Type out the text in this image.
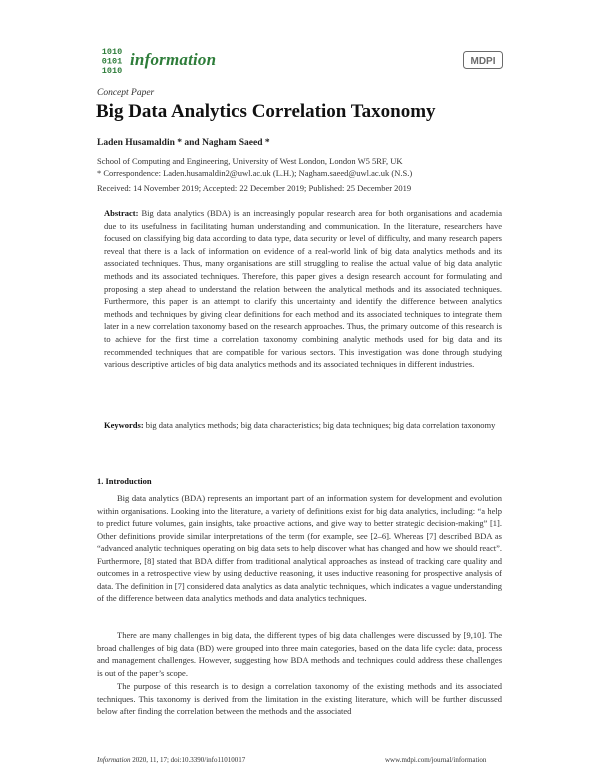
1010
0101
1010
information	MDPI
Concept Paper
Big Data Analytics Correlation Taxonomy
Laden Husamaldin * and Nagham Saeed *
School of Computing and Engineering, University of West London, London W5 5RF, UK
* Correspondence: Laden.husamaldin2@uwl.ac.uk (L.H.); Nagham.saeed@uwl.ac.uk (N.S.)
Received: 14 November 2019; Accepted: 22 December 2019; Published: 25 December 2019
Abstract: Big data analytics (BDA) is an increasingly popular research area for both organisations and academia due to its usefulness in facilitating human understanding and communication. In the literature, researchers have focused on classifying big data according to data type, data security or level of difficulty, and many research papers reveal that there is a lack of information on evidence of a real-world link of big data analytics methods and its associated techniques. Thus, many organisations are still struggling to realise the actual value of big data analytic methods and its associated techniques. Therefore, this paper gives a design research account for formulating and proposing a step ahead to understand the relation between the analytical methods and its associated techniques. Furthermore, this paper is an attempt to clarify this uncertainty and identify the difference between analytics methods and techniques by giving clear definitions for each method and its associated techniques to integrate them later in a new correlation taxonomy based on the research approaches. Thus, the primary outcome of this research is to achieve for the first time a correlation taxonomy combining analytic methods used for big data and its recommended techniques that are compatible for various sectors. This investigation was done through studying various descriptive articles of big data analytics methods and its associated techniques in different industries.
Keywords: big data analytics methods; big data characteristics; big data techniques; big data correlation taxonomy
1. Introduction
Big data analytics (BDA) represents an important part of an information system for development and evolution within organisations. Looking into the literature, a variety of definitions exist for big data analytics, including: “a help to predict future volumes, gain insights, take proactive actions, and give way to better strategic decision-making” [1]. Other definitions provide similar interpretations of the term (for example, see [2–6]. Whereas [7] described BDA as “advanced analytic techniques operating on big data sets to help discover what has changed and how we should react”. Furthermore, [8] stated that BDA differ from traditional analytical approaches as instead of tracking care quality and outcomes in a retrospective view by using deductive reasoning, it uses inductive reasoning for prospective analysis of data. The definition in [7] considered data analytics as data analytic techniques, which indicates a vague understanding of the difference between data analytics methods and data analytics techniques.
There are many challenges in big data, the different types of big data challenges were discussed by [9,10]. The broad challenges of big data (BD) were grouped into three main categories, based on the data life cycle: data, process and management challenges. However, suggesting how BDA methods and techniques could address these challenges is out of the paper’s scope.
The purpose of this research is to design a correlation taxonomy of the existing methods and its associated techniques. This taxonomy is derived from the limitation in the existing literature, which will be further discussed below after finding the correlation between the methods and the associated
Information 2020, 11, 17; doi:10.3390/info11010017	www.mdpi.com/journal/information
